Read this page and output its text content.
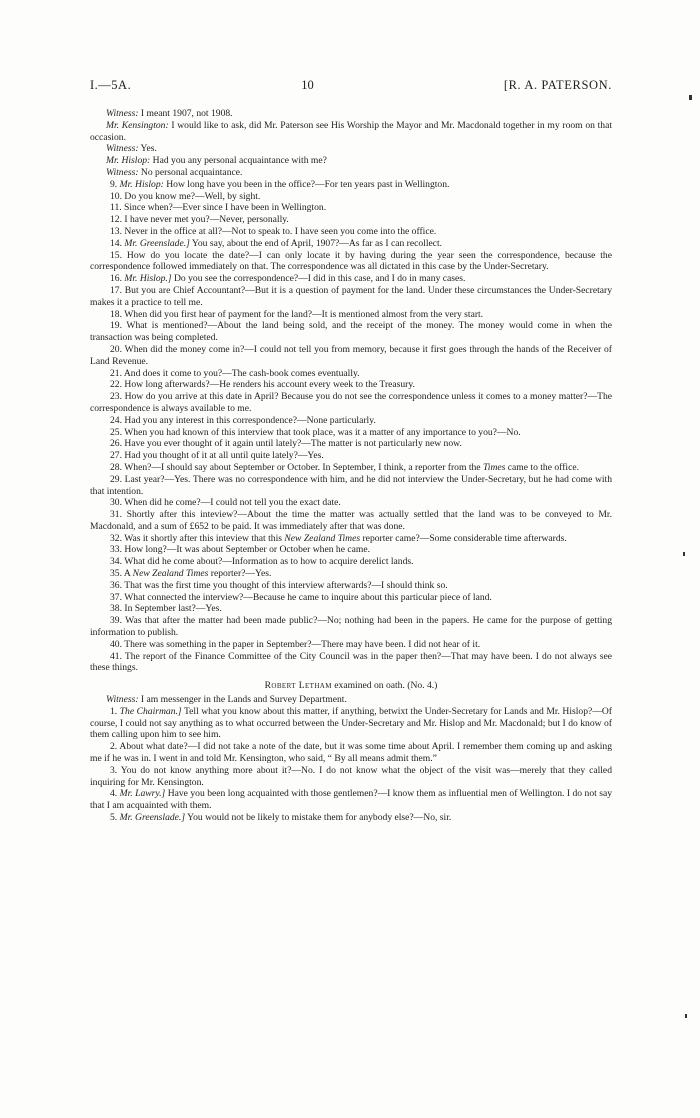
I.—5A.	10	[R. A. PATERSON.

Witness: I meant 1907, not 1908.

Mr. Kensington: I would like to ask, did Mr. Paterson see His Worship the Mayor and Mr. Macdonald together in my room on that occasion.

Witness: Yes.

Mr. Hislop: Had you any personal acquaintance with me?

Witness: No personal acquaintance.

9. Mr. Hislop: How long have you been in the office?—For ten years past in Wellington.

10. Do you know me?—Well, by sight.

11. Since when?—Ever since I have been in Wellington.

12. I have never met you?—Never, personally.

13. Never in the office at all?—Not to speak to. I have seen you come into the office.

14. Mr. Greenslade.] You say, about the end of April, 1907?—As far as I can recollect.

15. How do you locate the date?—I can only locate it by having during the year seen the correspondence, because the correspondence followed immediately on that. The correspondence was all dictated in this case by the Under-Secretary.

16. Mr. Hislop.] Do you see the correspondence?—I did in this case, and I do in many cases.

17. But you are Chief Accountant?—But it is a question of payment for the land. Under these circumstances the Under-Secretary makes it a practice to tell me.

18. When did you first hear of payment for the land?—It is mentioned almost from the very start.

19. What is mentioned?—About the land being sold, and the receipt of the money. The money would come in when the transaction was being completed.

20. When did the money come in?—I could not tell you from memory, because it first goes through the hands of the Receiver of Land Revenue.

21. And does it come to you?—The cash-book comes eventually.

22. How long afterwards?—He renders his account every week to the Treasury.

23. How do you arrive at this date in April? Because you do not see the correspondence unless it comes to a money matter?—The correspondence is always available to me.

24. Had you any interest in this correspondence?—None particularly.

25. When you had known of this interview that took place, was it a matter of any importance to you?—No.

26. Have you ever thought of it again until lately?—The matter is not particularly new now.

27. Had you thought of it at all until quite lately?—Yes.

28. When?—I should say about September or October. In September, I think, a reporter from the Times came to the office.

29. Last year?—Yes. There was no correspondence with him, and he did not interview the Under-Secretary, but he had come with that intention.

30. When did he come?—I could not tell you the exact date.

31. Shortly after this inteview?—About the time the matter was actually settled that the land was to be conveyed to Mr. Macdonald, and a sum of £652 to be paid. It was immediately after that was done.

32. Was it shortly after this inteview that this New Zealand Times reporter came?—Some considerable time afterwards.

33. How long?—It was about September or October when he came.

34. What did he come about?—Information as to how to acquire derelict lands.

35. A New Zealand Times reporter?—Yes.

36. That was the first time you thought of this interview afterwards?—I should think so.

37. What connected the interview?—Because he came to inquire about this particular piece of land.

38. In September last?—Yes.

39. Was that after the matter had been made public?—No; nothing had been in the papers. He came for the purpose of getting information to publish.

40. There was something in the paper in September?—There may have been. I did not hear of it.

41. The report of the Finance Committee of the City Council was in the paper then?—That may have been. I do not always see these things.

Robert Letham examined on oath. (No. 4.)

Witness: I am messenger in the Lands and Survey Department.

1. The Chairman.] Tell what you know about this matter, if anything, betwixt the Under-Secretary for Lands and Mr. Hislop?—Of course, I could not say anything as to what occurred between the Under-Secretary and Mr. Hislop and Mr. Macdonald; but I do know of them calling upon him to see him.

2. About what date?—I did not take a note of the date, but it was some time about April. I remember them coming up and asking me if he was in. I went in and told Mr. Kensington, who said, “ By all means admit them.”

3. You do not know anything more about it?—No. I do not know what the object of the visit was—merely that they called inquiring for Mr. Kensington.

4. Mr. Lawry.] Have you been long acquainted with those gentlemen?—I know them as influential men of Wellington. I do not say that I am acquainted with them.

5. Mr. Greenslade.] You would not be likely to mistake them for anybody else?—No, sir.
